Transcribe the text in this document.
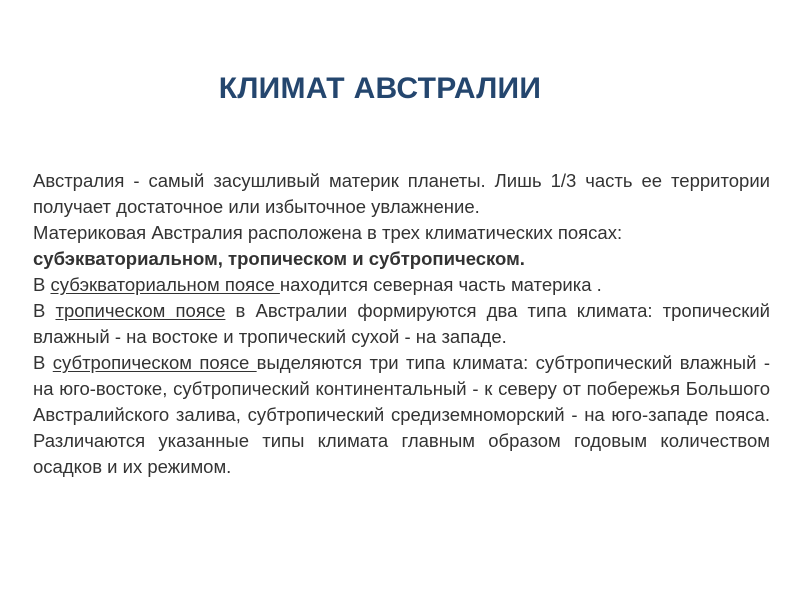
КЛИМАТ АВСТРАЛИИ

Австралия - самый засушливый материк планеты. Лишь 1/3 часть ее территории получает достаточное или избыточное увлажнение.

Материковая Австралия расположена в трех климатических поясах:
субэкваториальном, тропическом и субтропическом.

В субэкваториальном поясе находится северная часть материка .

В тропическом поясе в Австралии формируются два типа климата: тропический влажный - на востоке и тропический сухой - на западе.

В субтропическом поясе выделяются три типа климата: субтропический влажный - на юго-востоке, субтропический континентальный - к северу от побережья Большого Австралийского залива, субтропический средиземноморский - на юго-западе пояса. Различаются указанные типы климата главным образом годовым количеством осадков и их режимом.
